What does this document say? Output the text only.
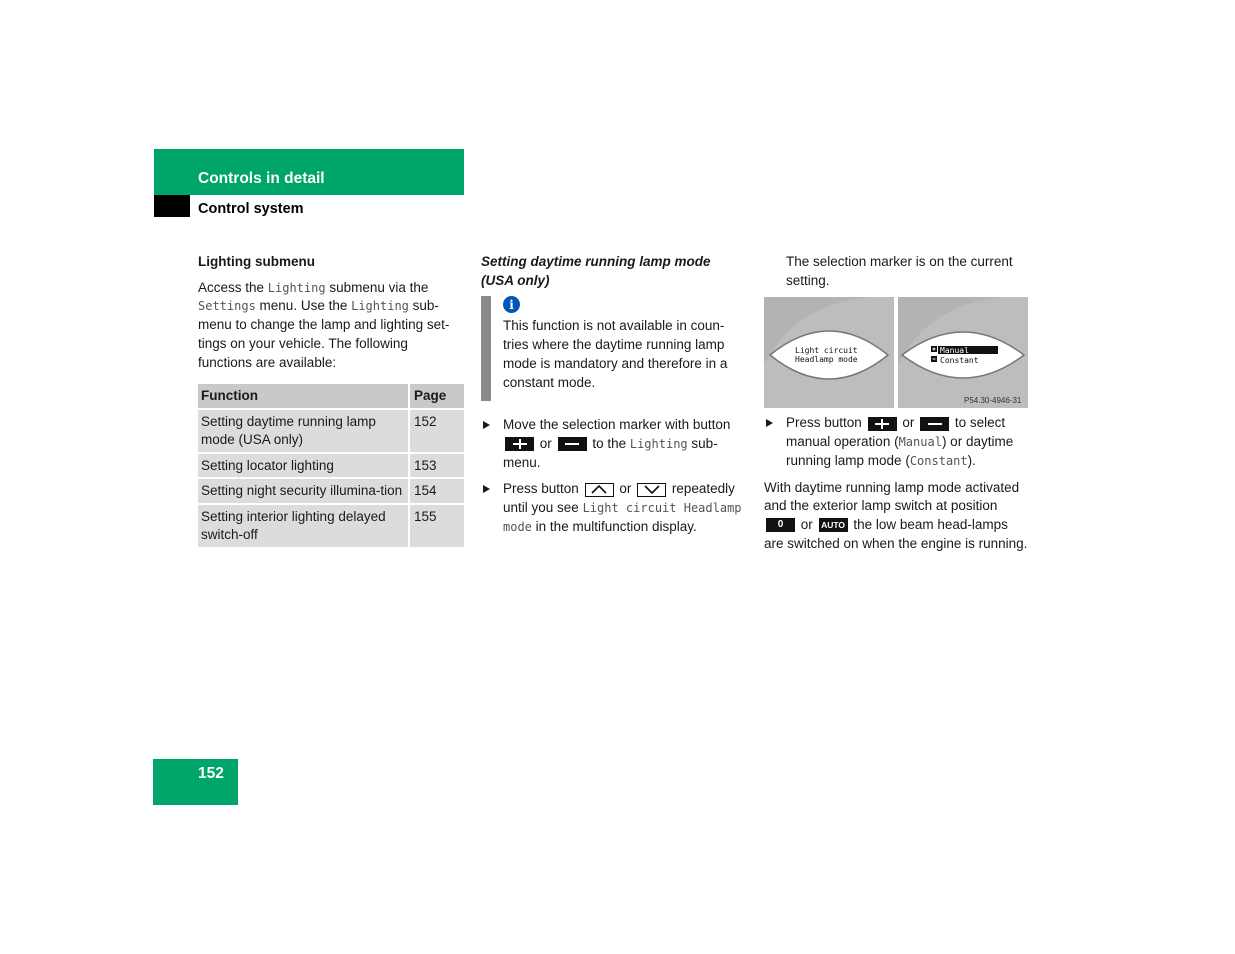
Controls in detail
Control system
Lighting submenu

Access the Lighting submenu via the Settings menu. Use the Lighting sub-menu to change the lamp and lighting set-tings on your vehicle. The following functions are available:

Function	Page
Setting daytime running lamp mode (USA only)	152
Setting locator lighting	153
Setting night security illumina-tion	154
Setting interior lighting delayed switch-off	155
Setting daytime running lamp mode (USA only)
i

This function is not available in coun-tries where the daytime running lamp mode is mandatory and therefore in a constant mode.

Move the selection marker with button
or	to the Lighting sub-menu.
Press button	or	repeatedly until you see Light circuit Headlamp mode in the multifunction display.

The selection marker is on the current setting.

Light circuit
Headlamp mode
Manual
Constant
P54.30-4946-31
Press button	or	to select manual operation (Manual) or daytime running lamp mode (Constant).

With daytime running lamp mode activated and the exterior lamp switch at position 0 or AUTO the low beam head-lamps are switched on when the engine is running.

152
